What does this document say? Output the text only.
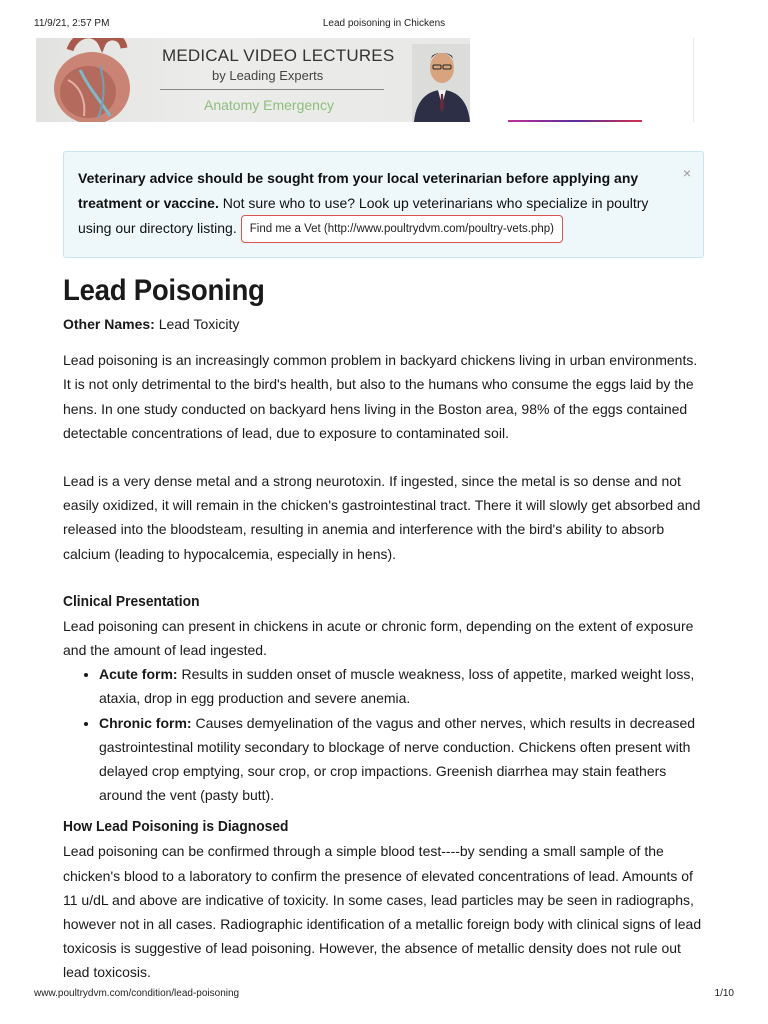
11/9/21, 2:57 PM	Lead poisoning in Chickens
MEDICAL VIDEO LECTURES
by Leading Experts
Anatomy Emergency
Veterinary advice should be sought from your local veterinarian before applying any treatment or vaccine. Not sure who to use? Look up veterinarians who specialize in poultry using our directory listing. Find me a Vet (http://www.poultrydvm.com/poultry-vets.php)
×
Lead Poisoning
Other Names: Lead Toxicity

Lead poisoning is an increasingly common problem in backyard chickens living in urban environments. It is not only detrimental to the bird's health, but also to the humans who consume the eggs laid by the hens. In one study conducted on backyard hens living in the Boston area, 98% of the eggs contained detectable concentrations of lead, due to exposure to contaminated soil.

Lead is a very dense metal and a strong neurotoxin. If ingested, since the metal is so dense and not easily oxidized, it will remain in the chicken's gastrointestinal tract. There it will slowly get absorbed and released into the bloodsteam, resulting in anemia and interference with the bird's ability to absorb calcium (leading to hypocalcemia, especially in hens).

Clinical Presentation

Lead poisoning can present in chickens in acute or chronic form, depending on the extent of exposure and the amount of lead ingested.

• Acute form: Results in sudden onset of muscle weakness, loss of appetite, marked weight loss, ataxia, drop in egg production and severe anemia.
• Chronic form: Causes demyelination of the vagus and other nerves, which results in decreased gastrointestinal motility secondary to blockage of nerve conduction. Chickens often present with delayed crop emptying, sour crop, or crop impactions. Greenish diarrhea may stain feathers around the vent (pasty butt).
How Lead Poisoning is Diagnosed

Lead poisoning can be confirmed through a simple blood test----by sending a small sample of the chicken's blood to a laboratory to confirm the presence of elevated concentrations of lead. Amounts of 11 u/dL and above are indicative of toxicity. In some cases, lead particles may be seen in radiographs, however not in all cases. Radiographic identification of a metallic foreign body with clinical signs of lead toxicosis is suggestive of lead poisoning. However, the absence of metallic density does not rule out lead toxicosis.

www.poultrydvm.com/condition/lead-poisoning	1/10
